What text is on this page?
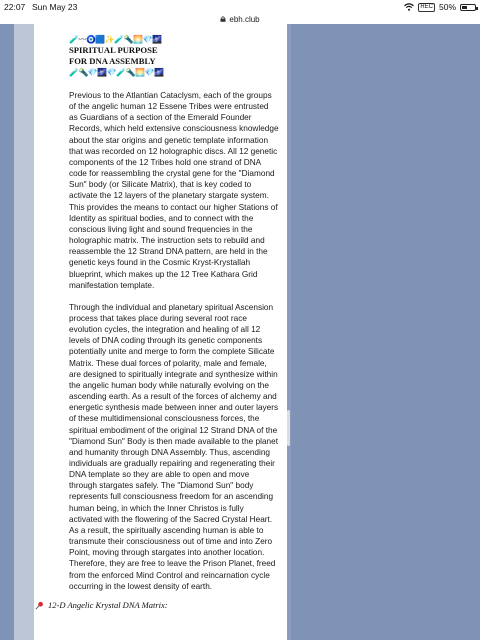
22:07 Sun May 23	REC 50%
ebh.club
🧪〰🧿🟦✨🧪🔦🌅💎🌌
SPIRITUAL PURPOSE
FOR DNA ASSEMBLY
🧪🔦💎🌌💎🧪🔦🌅💎🌌

Previous to the Atlantian Cataclysm, each of the groups of the angelic human 12 Essene Tribes were entrusted as Guardians of a section of the Emerald Founder Records, which held extensive consciousness knowledge about the star origins and genetic template information that was recorded on 12 holographic discs. All 12 genetic components of the 12 Tribes hold one strand of DNA code for reassembling the crystal gene for the "Diamond Sun" body (or Silicate Matrix), that is key coded to activate the 12 layers of the planetary stargate system. This provides the means to contact our higher Stations of Identity as spiritual bodies, and to connect with the conscious living light and sound frequencies in the holographic matrix. The instruction sets to rebuild and reassemble the 12 Strand DNA pattern, are held in the genetic keys found in the Cosmic Kryst-Krystallah blueprint, which makes up the 12 Tree Kathara Grid manifestation template.

Through the individual and planetary spiritual Ascension process that takes place during several root race evolution cycles, the integration and healing of all 12 levels of DNA coding through its genetic components potentially unite and merge to form the complete Silicate Matrix. These dual forces of polarity, male and female, are designed to spiritually integrate and synthesize within the angelic human body while naturally evolving on the ascending earth. As a result of the forces of alchemy and energetic synthesis made between inner and outer layers of these multidimensional consciousness forces, the spiritual embodiment of the original 12 Strand DNA of the "Diamond Sun" Body is then made available to the planet and humanity through DNA Assembly. Thus, ascending individuals are gradually repairing and regenerating their DNA template so they are able to open and move through stargates safely. The "Diamond Sun" body represents full consciousness freedom for an ascending human being, in which the Inner Christos is fully activated with the flowering of the Sacred Crystal Heart. As a result, the spiritually ascending human is able to transmute their consciousness out of time and into Zero Point, moving through stargates into another location. Therefore, they are free to leave the Prison Planet, freed from the enforced Mind Control and reincarnation cycle occurring in the lowest density of earth.

12-D Angelic Krystal DNA Matrix:
